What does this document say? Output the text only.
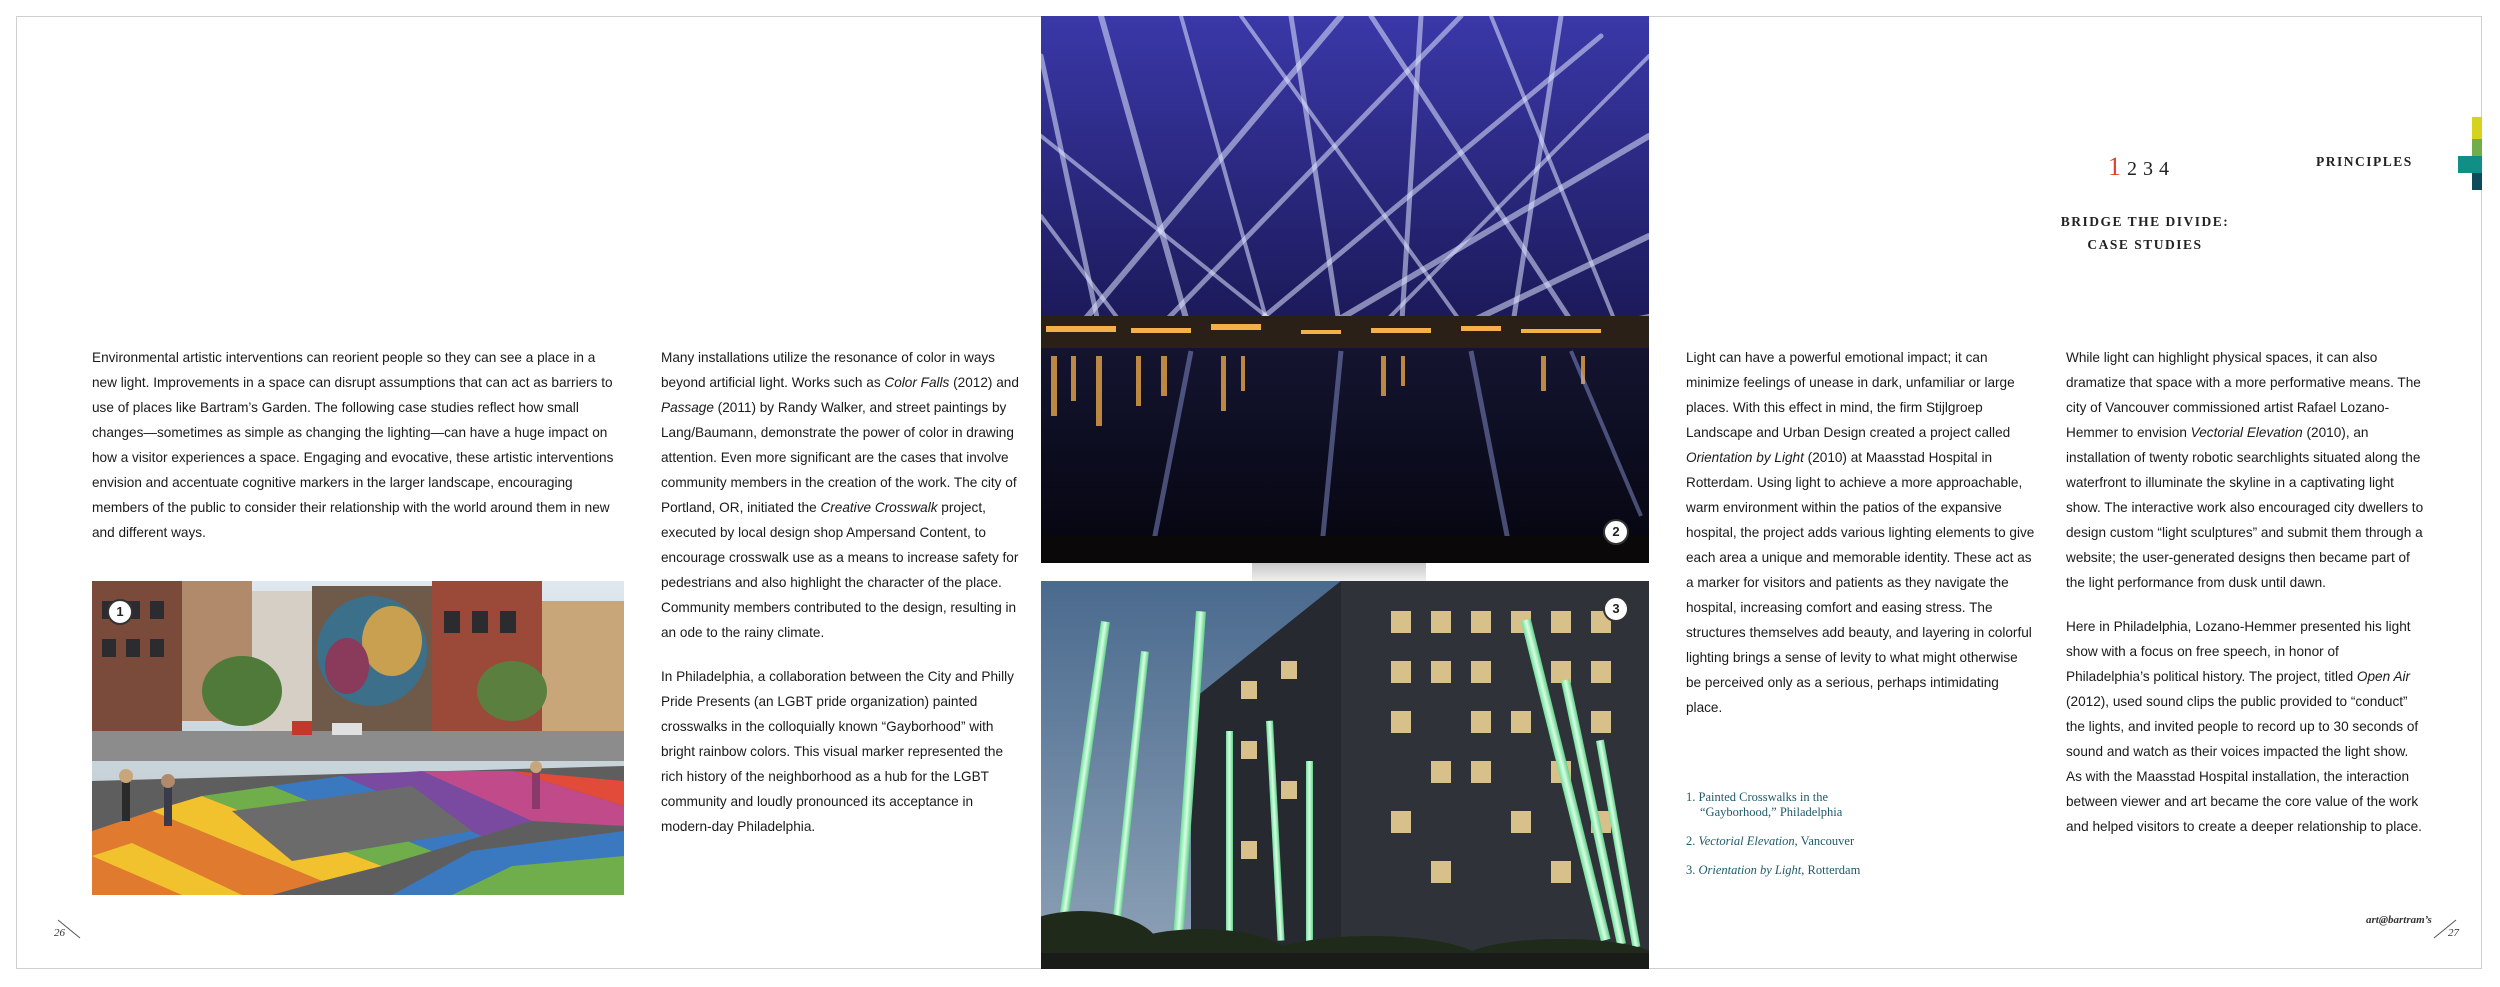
Environmental artistic interventions can reorient people so they can see a place in a new light. Improvements in a space can disrupt assumptions that can act as barriers to use of places like Bartram’s Garden. The following case studies reflect how small changes—sometimes as simple as changing the lighting—can have a huge impact on how a visitor experiences a space. Engaging and evocative, these artistic interventions envision and accentuate cognitive markers in the larger landscape, encouraging members of the public to consider their relationship with the world around them in new and different ways.

1

Many installations utilize the resonance of color in ways beyond artificial light. Works such as Color Falls (2012) and Passage (2011) by Randy Walker, and street paintings by Lang/Baumann, demonstrate the power of color in drawing attention. Even more significant are the cases that involve community members in the creation of the work. The city of Portland, OR, initiated the Creative Crosswalk project, executed by local design shop Ampersand Content, to encourage crosswalk use as a means to increase safety for pedestrians and also highlight the character of the place. Community members contributed to the design, resulting in an ode to the rainy climate.

In Philadelphia, a collaboration between the City and Philly Pride Presents (an LGBT pride organization) painted crosswalks in the colloquially known “Gayborhood” with bright rainbow colors. This visual marker represented the rich history of the neighborhood as a hub for the LGBT community and loudly pronounced its acceptance in modern-day Philadelphia.

2
3
1234	PRINCIPLES
BRIDGE THE DIVIDE:
CASE STUDIES

Light can have a powerful emotional impact; it can minimize feelings of unease in dark, unfamiliar or large places. With this effect in mind, the firm Stijlgroep Landscape and Urban Design created a project called Orientation by Light (2010) at Maasstad Hospital in Rotterdam. Using light to achieve a more approachable, warm environment within the patios of the expansive hospital, the project adds various lighting elements to give each area a unique and memorable identity. These act as a marker for visitors and patients as they navigate the hospital, increasing comfort and easing stress. The structures themselves add beauty, and layering in colorful lighting brings a sense of levity to what might otherwise be perceived only as a serious, perhaps intimidating place.

1. Painted Crosswalks in the
“Gayborhood,” Philadelphia
2. Vectorial Elevation, Vancouver
3. Orientation by Light, Rotterdam

While light can highlight physical spaces, it can also dramatize that space with a more performative means. The city of Vancouver commissioned artist Rafael Lozano-Hemmer to envision Vectorial Elevation (2010), an installation of twenty robotic searchlights situated along the waterfront to illuminate the skyline in a captivating light show. The interactive work also encouraged city dwellers to design custom “light sculptures” and submit them through a website; the user-generated designs then became part of the light performance from dusk until dawn.

Here in Philadelphia, Lozano-Hemmer presented his light show with a focus on free speech, in honor of Philadelphia’s political history. The project, titled Open Air (2012), used sound clips the public provided to “conduct” the lights, and invited people to record up to 30 seconds of sound and watch as their voices impacted the light show. As with the Maasstad Hospital installation, the interaction between viewer and art became the core value of the work and helped visitors to create a deeper relationship to place.

26
art@bartram’s
27
